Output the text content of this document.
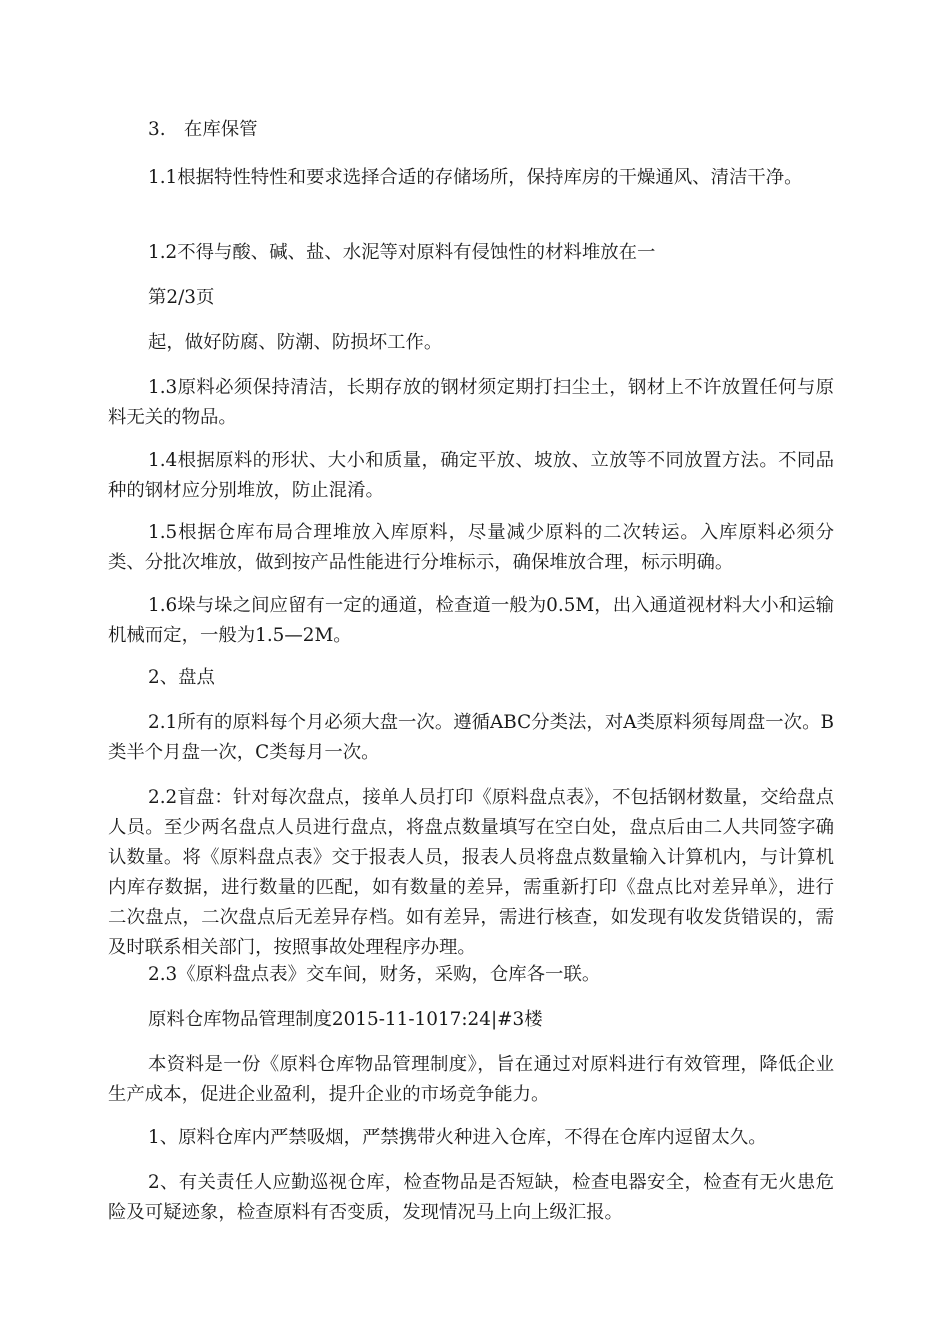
3.　在库保管

1.1根据特性特性和要求选择合适的存储场所，保持库房的干燥通风、清洁干净。

1.2不得与酸、碱、盐、水泥等对原料有侵蚀性的材料堆放在一

第2/3页

起，做好防腐、防潮、防损坏工作。

1.3原料必须保持清洁，长期存放的钢材须定期打扫尘土，钢材上不许放置任何与原料无关的物品。

1.4根据原料的形状、大小和质量，确定平放、坡放、立放等不同放置方法。不同品种的钢材应分别堆放，防止混淆。

1.5根据仓库布局合理堆放入库原料，尽量减少原料的二次转运。入库原料必须分类、分批次堆放，做到按产品性能进行分堆标示，确保堆放合理，标示明确。

1.6垛与垛之间应留有一定的通道，检查道一般为0.5M，出入通道视材料大小和运输机械而定，一般为1.5—2M。

2、盘点

2.1所有的原料每个月必须大盘一次。遵循ABC分类法，对A类原料须每周盘一次。B类半个月盘一次，C类每月一次。

2.2盲盘：针对每次盘点，接单人员打印《原料盘点表》，不包括钢材数量，交给盘点人员。至少两名盘点人员进行盘点，将盘点数量填写在空白处，盘点后由二人共同签字确认数量。将《原料盘点表》交于报表人员，报表人员将盘点数量输入计算机内，与计算机内库存数据，进行数量的匹配，如有数量的差异，需重新打印《盘点比对差异单》，进行二次盘点，二次盘点后无差异存档。如有差异，需进行核查，如发现有收发货错误的，需及时联系相关部门，按照事故处理程序办理。

2.3《原料盘点表》交车间，财务，采购，仓库各一联。

原料仓库物品管理制度2015-11-1017:24|#3楼

本资料是一份《原料仓库物品管理制度》，旨在通过对原料进行有效管理，降低企业生产成本，促进企业盈利，提升企业的市场竞争能力。

1、原料仓库内严禁吸烟，严禁携带火种进入仓库，不得在仓库内逗留太久。

2、有关责任人应勤巡视仓库，检查物品是否短缺，检查电器安全，检查有无火患危险及可疑迹象，检查原料有否变质，发现情况马上向上级汇报。
